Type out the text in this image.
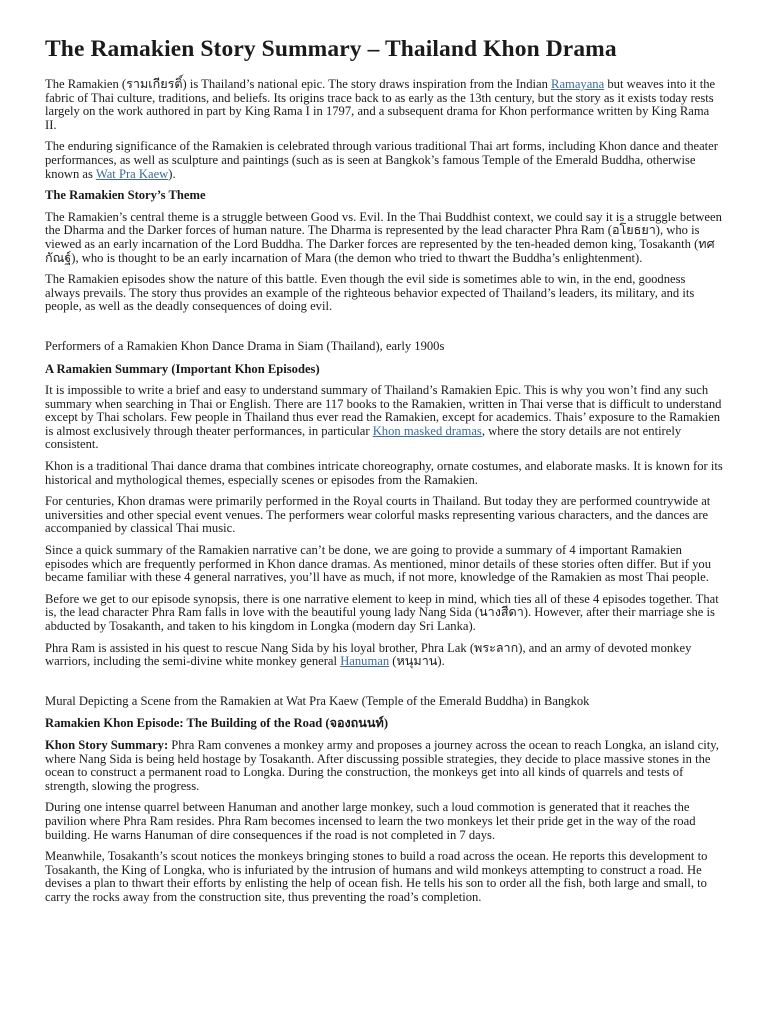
The Ramakien Story Summary – Thailand Khon Drama

The Ramakien (รามเกียรติ์) is Thailand’s national epic. The story draws inspiration from the Indian Ramayana but weaves into it the fabric of Thai culture, traditions, and beliefs. Its origins trace back to as early as the 13th century, but the story as it exists today rests largely on the work authored in part by King Rama I in 1797, and a subsequent drama for Khon performance written by King Rama II.

The enduring significance of the Ramakien is celebrated through various traditional Thai art forms, including Khon dance and theater performances, as well as sculpture and paintings (such as is seen at Bangkok’s famous Temple of the Emerald Buddha, otherwise known as Wat Pra Kaew).

The Ramakien Story’s Theme

The Ramakien’s central theme is a struggle between Good vs. Evil. In the Thai Buddhist context, we could say it is a struggle between the Dharma and the Darker forces of human nature. The Dharma is represented by the lead character Phra Ram (อโยธยา), who is viewed as an early incarnation of the Lord Buddha. The Darker forces are represented by the ten-headed demon king, Tosakanth (ทศกัณฐ์), who is thought to be an early incarnation of Mara (the demon who tried to thwart the Buddha’s enlightenment).

The Ramakien episodes show the nature of this battle. Even though the evil side is sometimes able to win, in the end, goodness always prevails. The story thus provides an example of the righteous behavior expected of Thailand’s leaders, its military, and its people, as well as the deadly consequences of doing evil.

Performers of a Ramakien Khon Dance Drama in Siam (Thailand), early 1900s

A Ramakien Summary (Important Khon Episodes)

It is impossible to write a brief and easy to understand summary of Thailand’s Ramakien Epic. This is why you won’t find any such summary when searching in Thai or English. There are 117 books to the Ramakien, written in Thai verse that is difficult to understand except by Thai scholars. Few people in Thailand thus ever read the Ramakien, except for academics. Thais’ exposure to the Ramakien is almost exclusively through theater performances, in particular Khon masked dramas, where the story details are not entirely consistent.

Khon is a traditional Thai dance drama that combines intricate choreography, ornate costumes, and elaborate masks. It is known for its historical and mythological themes, especially scenes or episodes from the Ramakien.

For centuries, Khon dramas were primarily performed in the Royal courts in Thailand. But today they are performed countrywide at universities and other special event venues. The performers wear colorful masks representing various characters, and the dances are accompanied by classical Thai music.

Since a quick summary of the Ramakien narrative can’t be done, we are going to provide a summary of 4 important Ramakien episodes which are frequently performed in Khon dance dramas. As mentioned, minor details of these stories often differ. But if you became familiar with these 4 general narratives, you’ll have as much, if not more, knowledge of the Ramakien as most Thai people.

Before we get to our episode synopsis, there is one narrative element to keep in mind, which ties all of these 4 episodes together. That is, the lead character Phra Ram falls in love with the beautiful young lady Nang Sida (นางสีดา). However, after their marriage she is abducted by Tosakanth, and taken to his kingdom in Longka (modern day Sri Lanka).

Phra Ram is assisted in his quest to rescue Nang Sida by his loyal brother, Phra Lak (พระลาก), and an army of devoted monkey warriors, including the semi-divine white monkey general Hanuman (หนุมาน).

Mural Depicting a Scene from the Ramakien at Wat Pra Kaew (Temple of the Emerald Buddha) in Bangkok

Ramakien Khon Episode: The Building of the Road (จองถนนท์)

Khon Story Summary: Phra Ram convenes a monkey army and proposes a journey across the ocean to reach Longka, an island city, where Nang Sida is being held hostage by Tosakanth. After discussing possible strategies, they decide to place massive stones in the ocean to construct a permanent road to Longka. During the construction, the monkeys get into all kinds of quarrels and tests of strength, slowing the progress.

During one intense quarrel between Hanuman and another large monkey, such a loud commotion is generated that it reaches the pavilion where Phra Ram resides. Phra Ram becomes incensed to learn the two monkeys let their pride get in the way of the road building. He warns Hanuman of dire consequences if the road is not completed in 7 days.

Meanwhile, Tosakanth’s scout notices the monkeys bringing stones to build a road across the ocean. He reports this development to Tosakanth, the King of Longka, who is infuriated by the intrusion of humans and wild monkeys attempting to construct a road. He devises a plan to thwart their efforts by enlisting the help of ocean fish. He tells his son to order all the fish, both large and small, to carry the rocks away from the construction site, thus preventing the road’s completion.
